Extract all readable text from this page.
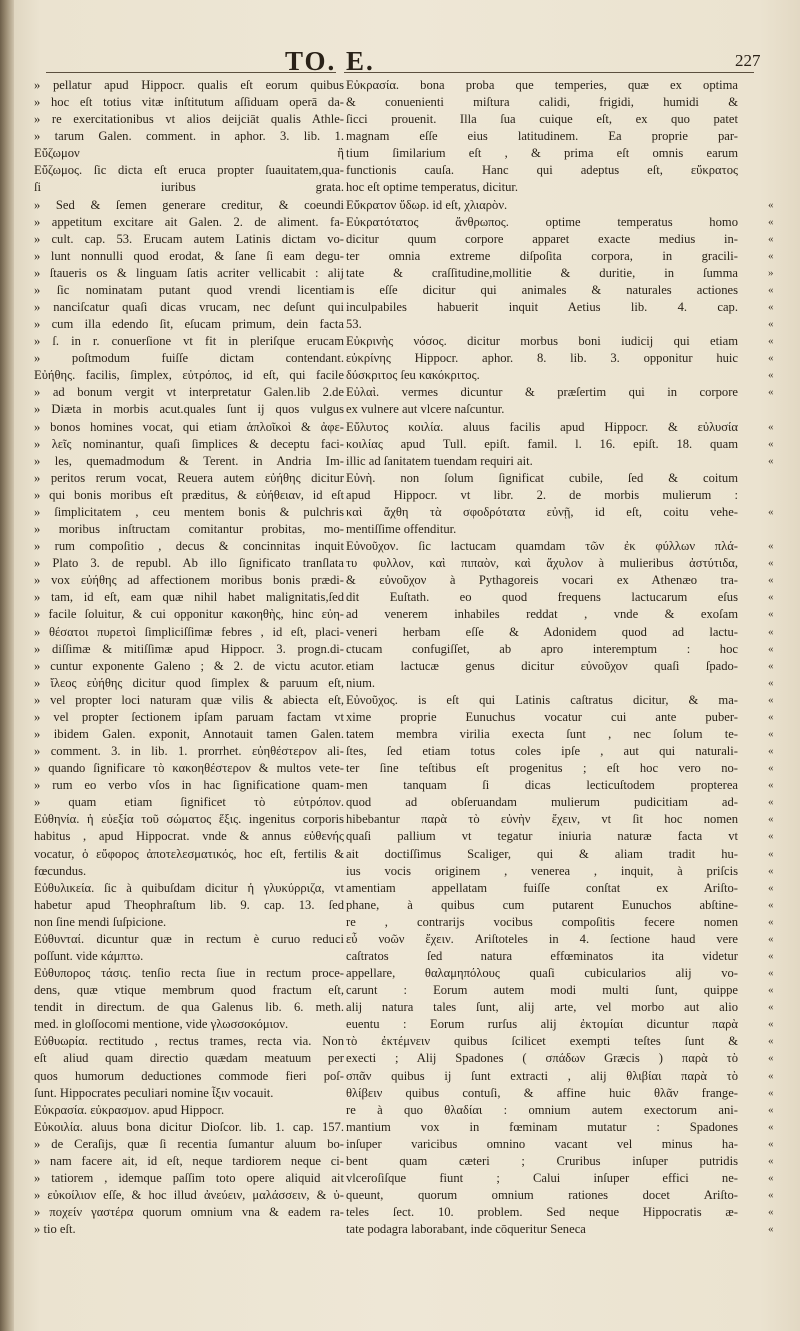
TO. E.	227
» pellatur apud Hippocr. qualis eſt eorum quibus
» hoc eſt totius vitæ inſtitutum aſſiduam operā da-
» re exercitationibus vt alios deijciāt qualis Athle-
» tarum Galen. comment. in aphor. 3. lib. 1.
Εὔζωμον ἢ
Εὔζωμος. ſic dicta eſt eruca propter ſuauitatem,qua-
ſi iuribus grata.
» Sed & ſemen generare creditur, & coeundi
» appetitum excitare ait Galen. 2. de aliment. fa-
» cult. cap. 53. Erucam autem Latinis dictam vo-
» lunt nonnulli quod erodat, & ſane ſi eam degu-
» ſtaueris os & linguam ſatis acriter vellicabit : alij
» ſic nominatam putant quod vrendi licentiam
» nanciſcatur quaſi dicas vrucam, nec deſunt qui
» cum illa edendo ſit, eſucam primum, dein facta
» ſ. in r. conuerſione vt fit in pleriſque erucam
» poſtmodum fuiſſe dictam contendant.
Εὐήθης. facilis, ſimplex, εὐτρόπος, id eſt, qui facile
» ad bonum vergit vt interpretatur Galen.lib 2.de
» Diæta in morbis acut.quales ſunt ij quos vulgus
» bonos homines vocat, qui etiam ἁπλοῖκοὶ & ἀφε-
» λεῖς nominantur, quaſi ſimplices & deceptu faci-
» les, quemadmodum & Terent. in Andria Im-
» peritos rerum vocat, Reuera autem εὐήθης dicitur
» qui bonis moribus eſt præditus, & εὐήθειαν, id eſt
» ſimplicitatem , ceu mentem bonis & pulchris
» moribus inſtructam comitantur probitas, mo-
» rum compoſitio , decus & concinnitas inquit
» Plato 3. de republ. Ab illo ſignificato tranſlata
» vox εὐήθης ad affectionem moribus bonis prædi-
» tam, id eſt, eam quæ nihil habet malignitatis,ſed
» facile ſoluitur, & cui opponitur κακοηθὴς, hinc εὐη-
» θέσατοι πυρετοὶ ſimpliciſſimæ febres , id eſt, placi-
» diſſimæ & mitiſſimæ apud Hippocr. 3. progn.di-
» cuntur exponente Galeno ; & 2. de victu acutor.
» ἴλεος εὐήθης dicitur quod ſimplex & paruum eſt,
» vel propter loci naturam quæ vilis & abiecta eſt,
» vel propter ſectionem ipſam paruam factam vt
» ibidem Galen. exponit, Annotauit tamen Galen.
» comment. 3. in lib. 1. prorrhet. εὐηθέστερον ali-
» quando ſignificare τὸ κακοηθέστερον & multos vete-
» rum eo verbo vſos in hac ſignificatione quam-
» quam etiam ſignificet τὸ εὐτρόπον.
Εὐθηνία. ἡ εὐεξία τοῦ σώματος ἕξις. ingenitus corporis
habitus , apud Hippocrat. vnde & annus εὐθενής
vocatur, ὁ εὔφορος ἀποτελεσματικός, hoc eſt, fertilis &
fœcundus.
Εὐθυλικεία. ſic à quibuſdam dicitur ἡ γλυκύρριζα, vt
habetur apud Theophraſtum lib. 9. cap. 13. ſed
non ſine mendi ſuſpicione.
Εὐθυνταί. dicuntur quæ in rectum è curuo reduci
poſſunt. vide κάμπτω.
Εὐθυπορος τάσις. tenſio recta ſiue in rectum proce-
dens, quæ vtique membrum quod fractum eſt,
tendit in directum. de qua Galenus lib. 6. meth.
med. in gloſſocomi mentione, vide γλωσσοκόμιον.
Εὐθυωρία. rectitudo , rectus trames, recta via. Non
eſt aliud quam directio quædam meatuum per
quos humorum deductiones commode fieri poſ-
ſunt. Hippocrates peculiari nomine ἶξιν vocauit.
Εὐκρασία. εὐκρασμον. apud Hippocr.
Εὐκοιλία. aluus bona dicitur Dioſcor. lib. 1. cap. 157.
» de Ceraſijs, quæ ſi recentia ſumantur aluum bo-
» nam facere ait, id eſt, neque tardiorem neque ci-
» tatiorem , idemque paſſim toto opere aliquid ait
» εὐκοίλιον eſſe, & hoc illud ἀνεύειν, μαλάσσειν, & ὑ-
» ποχείν γαστέρα quorum omnium vna & eadem ra-
» tio eſt.
Εὐκρασία. bona proba que temperies, quæ ex optima
& conuenienti miſtura calidi, frigidi, humidi &
ſicci prouenit. Illa ſua cuique eſt, ex quo patet
magnam eſſe eius latitudinem. Ea proprie par-
tium ſimilarium eſt , & prima eſt omnis earum
functionis cauſa. Hanc qui adeptus eſt, εὔκρατος
hoc eſt optime temperatus, dicitur.
Εὔκρατον ὕδωρ. id eſt, χλιαρὸν.
Εὐκρατότατος ἄνθρωπος. optime temperatus homo
dicitur quum corpore apparet exacte medius in-
ter omnia extreme diſpoſita corpora, in gracili-
tate & craſſitudine,mollitie & duritie, in ſumma
is eſſe dicitur qui animales & naturales actiones
inculpabiles habuerit inquit Aetius lib. 4. cap.
53.
Εὐκρινὴς νόσος. dicitur morbus boni iudicij qui etiam
εὐκρίνης Hippocr. aphor. 8. lib. 3. opponitur huic
δύσκριτος ſeu κακόκριτος.
Εὐλαὶ. vermes dicuntur & præſertim qui in corpore
ex vulnere aut vlcere naſcuntur.
Εὔλυτος κοιλία. aluus facilis apud Hippocr. & εὐλυσία
κοιλίας apud Tull. epiſt. famil. l. 16. epiſt. 18. quam
illic ad ſanitatem tuendam requiri ait.
Εὐνὴ. non ſolum ſignificat cubile, ſed & coitum
apud Hippocr. vt libr. 2. de morbis mulierum :
καὶ ἄχθη τὰ σφοδρότατα εὐνῇ, id eſt, coitu vehe-
mentiſſime offenditur.
Εὐνοῦχον. ſic lactucam quamdam τῶν ἐκ φύλλων πλά-
τυ φυλλον, καὶ πιπαὸν, καὶ ἄχυλον à mulieribus ἀστύτιδα,
& εὐνοῦχον à Pythagoreis vocari ex Athenæo tra-
dit Euſtath. eo quod frequens lactucarum eſus
ad venerem inhabiles reddat , vnde & exoſam
veneri herbam eſſe & Adonidem quod ad lactu-
ctucam confugiſſet, ab apro interemptum : hoc
etiam lactucæ genus dicitur εὐνοῦχον quaſi ſpado-
nium.
Εὐνοῦχος. is eſt qui Latinis caſtratus dicitur, & ma-
xime proprie Eunuchus vocatur cui ante puber-
tatem membra virilia execta ſunt , nec ſolum te-
ſtes, ſed etiam totus coles ipſe , aut qui naturali-
ter ſine teſtibus eſt progenitus ; eſt hoc vero no-
men tanquam ſi dicas lecticuſtodem propterea
quod ad obſeruandam mulierum pudicitiam ad-
hibebantur παρὰ τὸ εὐνὴν ἔχειν, vt ſit hoc nomen
quaſi pallium vt tegatur iniuria naturæ facta vt
ait doctiſſimus Scaliger, qui & aliam tradit hu-
ius vocis originem , venerea , inquit, à priſcis
amentiam appellatam fuiſſe conſtat ex Ariſto-
phane, à quibus cum putarent Eunuchos abſtine-
re , contrarijs vocibus compoſitis fecere nomen
εὖ νοῶν ἔχειν. Ariſtoteles in 4. ſectione haud vere
caſtratos ſed natura effœminatos ita videtur
appellare, θαλαμηπόλους quaſi cubicularios alij vo-
carunt : Eorum autem modi multi ſunt, quippe
alij natura tales ſunt, alij arte, vel morbo aut alio
euentu : Eorum rurſus alij ἐκτομίαι dicuntur παρὰ
τὸ ἐκτέμνειν quibus ſcilicet exempti teſtes ſunt &
execti ; Alij Spadones ( σπάδων Græcis ) παρὰ τὸ
σπᾶν quibus ij ſunt extracti , alij θλιβίαι παρὰ τὸ
θλίβειν quibus contuſi, & affine huic θλᾶν frange-
re à quo θλαδίαι : omnium autem exectorum ani-
mantium vox in fœminam mutatur : Spadones
inſuper varicibus omnino vacant vel minus ha-
bent quam cæteri ; Cruribus inſuper putridis
vlceroſiſque fiunt ; Calui inſuper effici ne-
queunt, quorum omnium rationes docet Ariſto-
teles ſect. 10. problem. Sed neque Hippocratis æ-
tate podagra laborabant, inde cōqueritur Seneca
«
«
«
«
»
«
«
«
«
«
«
«
«
«
«
«
«
«
«
«
«
«
«
«
«
«
«
«
«
«
«
«
«
«
«
«
«
«
«
«
«
«
«
«
«
«
«
«
«
«
«
«
«
«
«
«
«
